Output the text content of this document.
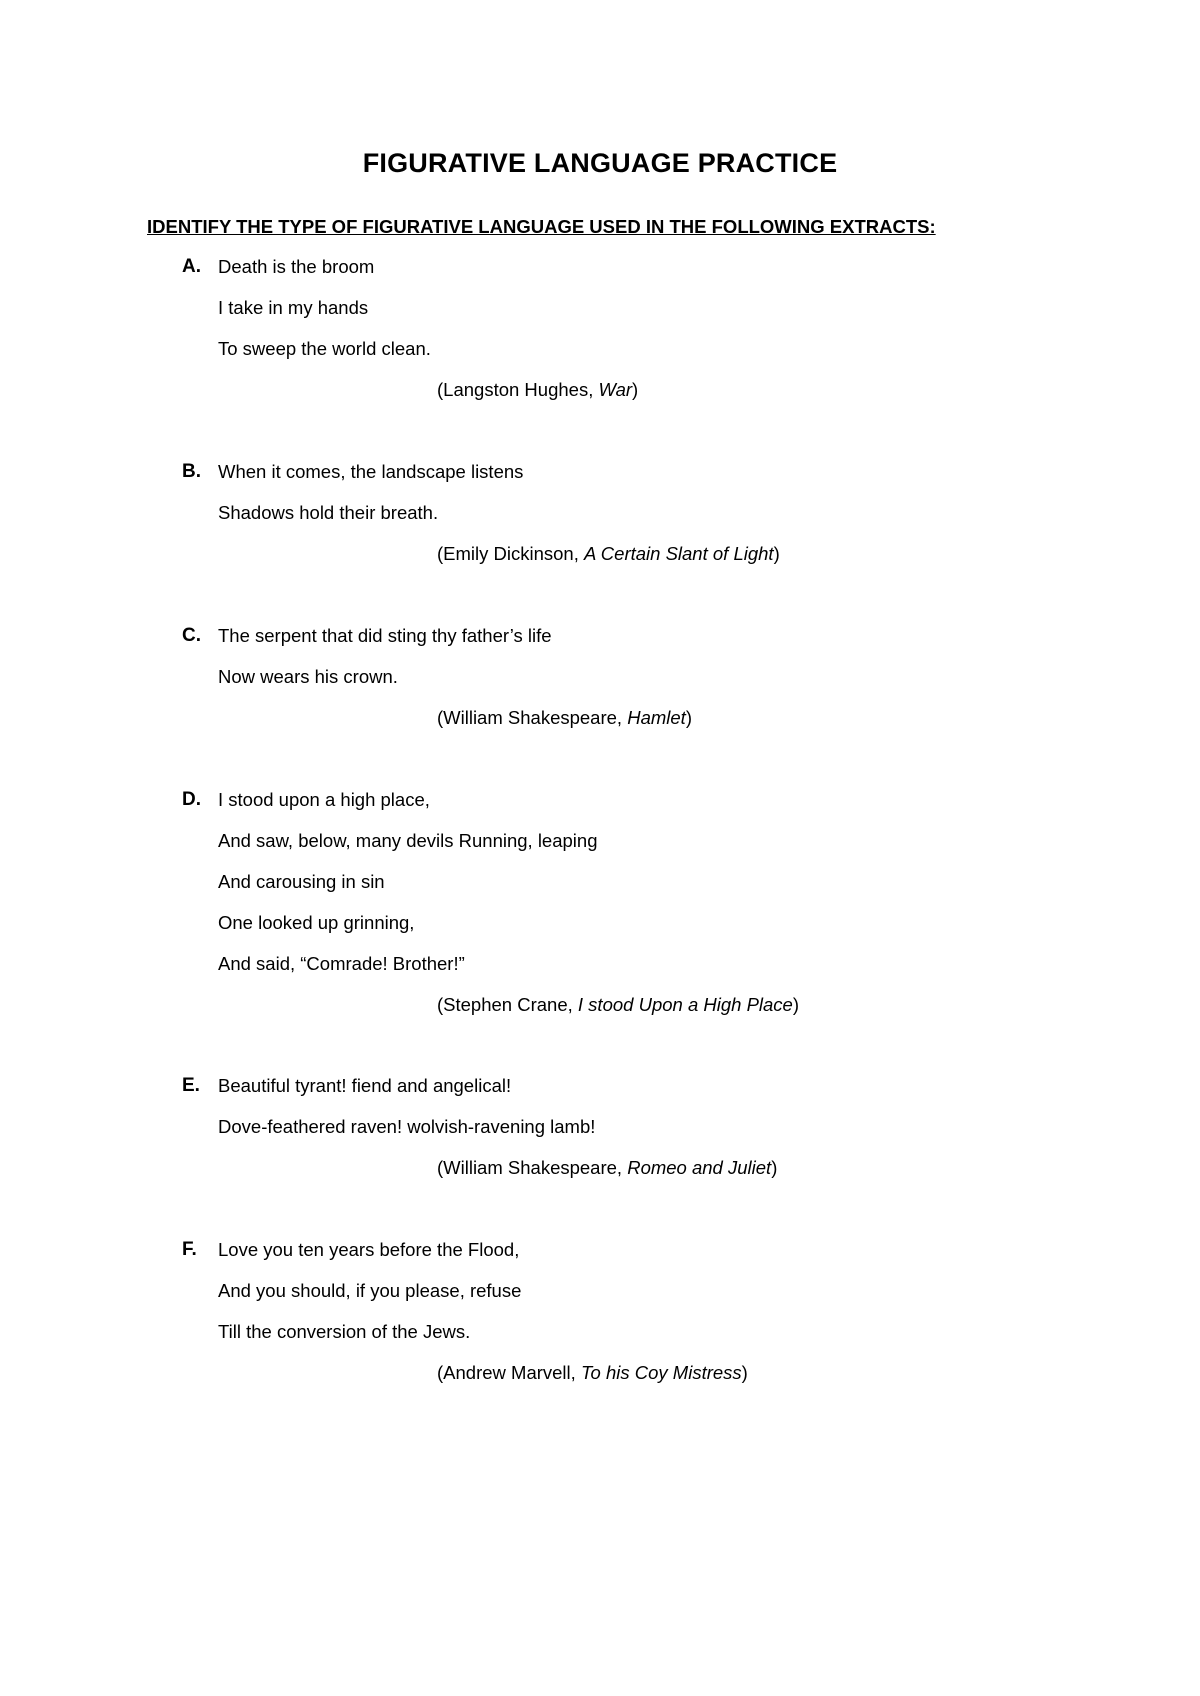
FIGURATIVE LANGUAGE PRACTICE
IDENTIFY THE TYPE OF FIGURATIVE LANGUAGE USED IN THE FOLLOWING EXTRACTS:
A. Death is the broom
I take in my hands
To sweep the world clean.
(Langston Hughes, War)
B. When it comes, the landscape listens
Shadows hold their breath.
(Emily Dickinson, A Certain Slant of Light)
C. The serpent that did sting thy father’s life
Now wears his crown.
(William Shakespeare, Hamlet)
D. I stood upon a high place,
And saw, below, many devils Running, leaping
And carousing in sin
One looked up grinning,
And said, “Comrade! Brother!”
(Stephen Crane, I stood Upon a High Place)
E. Beautiful tyrant! fiend and angelical!
Dove-feathered raven! wolvish-ravening lamb!
(William Shakespeare, Romeo and Juliet)
F. Love you ten years before the Flood,
And you should, if you please, refuse
Till the conversion of the Jews.
(Andrew Marvell, To his Coy Mistress)
